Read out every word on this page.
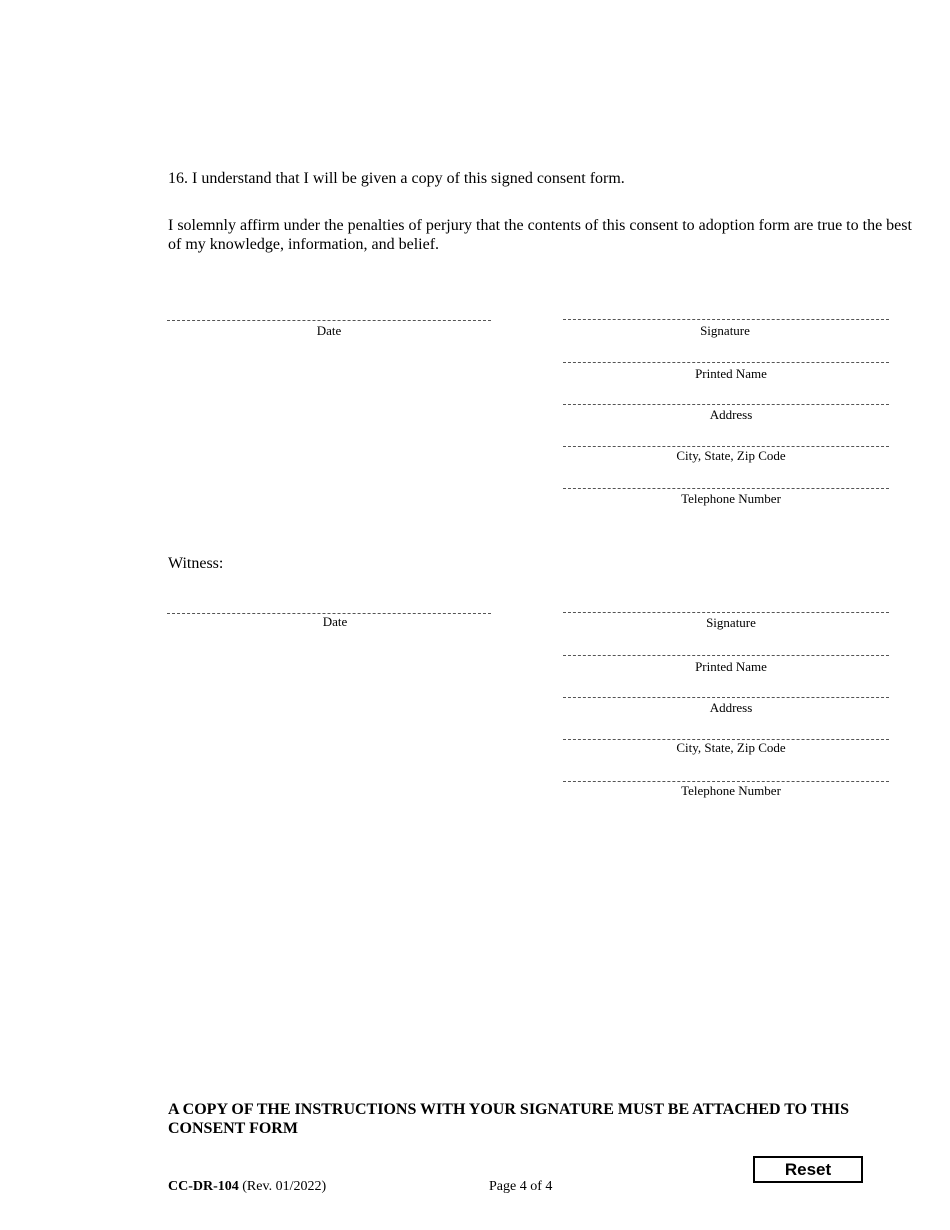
16. I understand that I will be given a copy of this signed consent form.
I solemnly affirm under the penalties of perjury that the contents of this consent to adoption form are true to the best of my knowledge, information, and belief.
Date	Signature
Printed Name
Address
City, State, Zip Code
Telephone Number
Witness:
Date	Signature
Printed Name
Address
City, State, Zip Code
Telephone Number
A COPY OF THE INSTRUCTIONS WITH YOUR SIGNATURE MUST BE ATTACHED TO THIS CONSENT FORM
CC-DR-104 (Rev. 01/2022)	Page 4 of 4
Reset
